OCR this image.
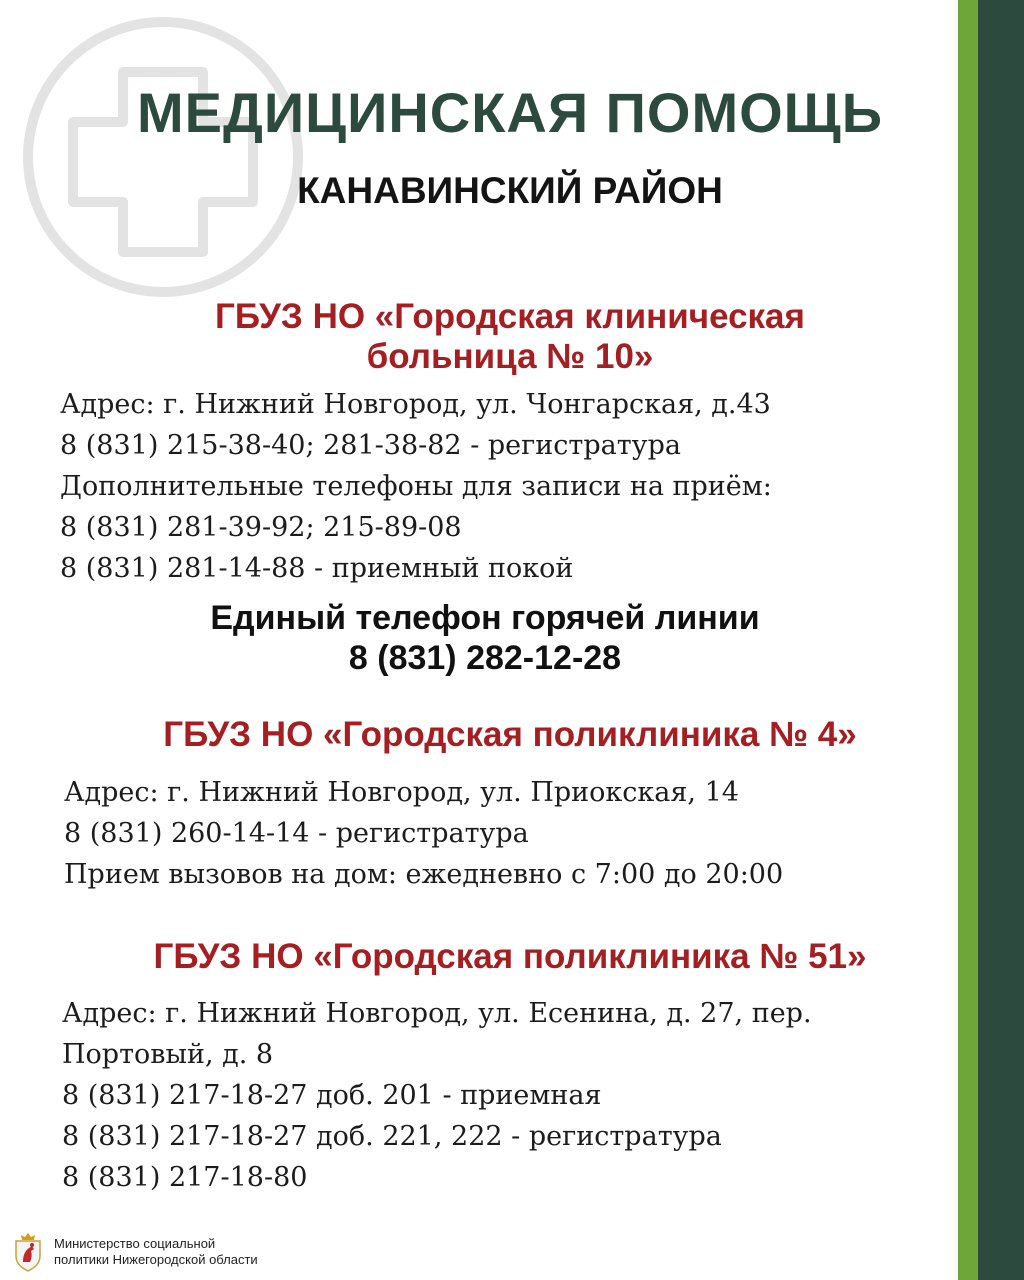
МЕДИЦИНСКАЯ ПОМОЩЬ
КАНАВИНСКИЙ РАЙОН
ГБУЗ НО «Городская клиническая
больница № 10»
Адрес: г. Нижний Новгород, ул. Чонгарская, д.43
8 (831) 215-38-40; 281-38-82 - регистратура
Дополнительные телефоны для записи на приём:
8 (831) 281-39-92; 215-89-08
8 (831) 281-14-88 - приемный покой
Единый телефон горячей линии
8 (831) 282-12-28
ГБУЗ НО «Городская поликлиника № 4»
Адрес: г. Нижний Новгород, ул. Приокская, 14
8 (831) 260-14-14 - регистратура
Прием вызовов на дом: ежедневно с 7:00 до 20:00
ГБУЗ НО «Городская поликлиника № 51»
Адрес: г. Нижний Новгород, ул. Есенина, д. 27, пер.
Портовый, д. 8
8 (831) 217-18-27 доб. 201 - приемная
8 (831) 217-18-27 доб. 221, 222 - регистратура
8 (831) 217-18-80
Министерство социальной
политики Нижегородской области
